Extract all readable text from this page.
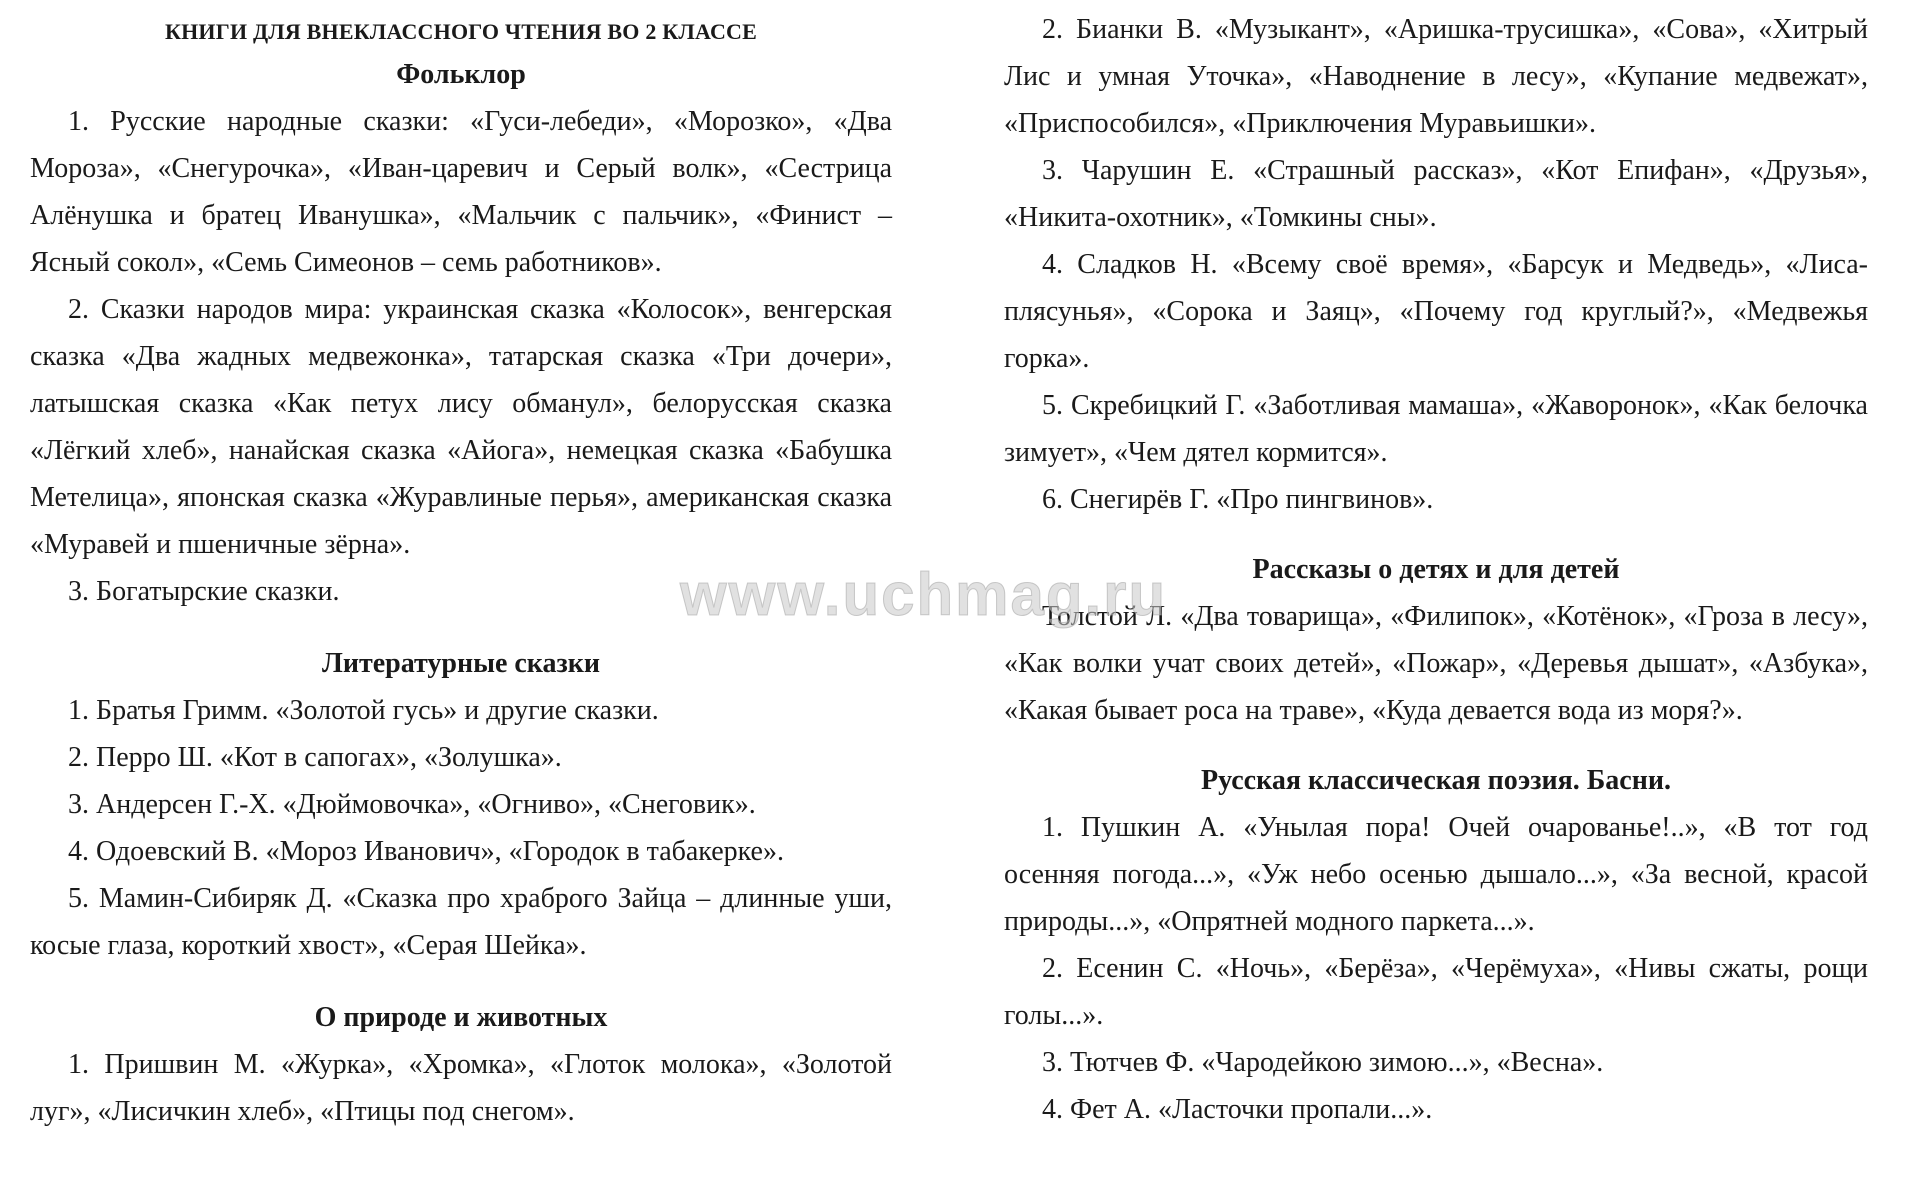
КНИГИ ДЛЯ ВНЕКЛАССНОГО ЧТЕНИЯ ВО 2 КЛАССЕ
Фольклор

1. Русские народные сказки: «Гуси-лебеди», «Морозко», «Два Мороза», «Снегурочка», «Иван-царевич и Серый волк», «Сестрица Алёнушка и братец Иванушка», «Мальчик с пальчик», «Финист – Ясный сокол», «Семь Симеонов – семь работников».

2. Сказки народов мира: украинская сказка «Колосок», венгерская сказка «Два жадных медвежонка», татарская сказка «Три дочери», латышская сказка «Как петух лису обманул», белорусская сказка «Лёгкий хлеб», нанайская сказка «Айога», немецкая сказка «Бабушка Метелица», японская сказка «Журавлиные перья», американская сказка «Муравей и пшеничные зёрна».

3. Богатырские сказки.

Литературные сказки

1. Братья Гримм. «Золотой гусь» и другие сказки.

2. Перро Ш. «Кот в сапогах», «Золушка».

3. Андерсен Г.-Х. «Дюймовочка», «Огниво», «Снеговик».

4. Одоевский В. «Мороз Иванович», «Городок в табакерке».

5. Мамин-Сибиряк Д. «Сказка про храброго Зайца – длинные уши, косые глаза, короткий хвост», «Серая Шейка».

О природе и животных

1. Пришвин М. «Журка», «Хромка», «Глоток молока», «Золотой луг», «Лисичкин хлеб», «Птицы под снегом».

2. Бианки В. «Музыкант», «Аришка-трусишка», «Сова», «Хитрый Лис и умная Уточка», «Наводнение в лесу», «Купание медвежат», «Приспособился», «Приключения Муравьишки».

3. Чарушин Е. «Страшный рассказ», «Кот Епифан», «Друзья», «Никита-охотник», «Томкины сны».

4. Сладков Н. «Всему своё время», «Барсук и Медведь», «Лиса-плясунья», «Сорока и Заяц», «Почему год круглый?», «Медвежья горка».

5. Скребицкий Г. «Заботливая мамаша», «Жаворонок», «Как белочка зимует», «Чем дятел кормится».

6. Снегирёв Г. «Про пингвинов».

Рассказы о детях и для детей

Толстой Л. «Два товарища», «Филипок», «Котёнок», «Гроза в лесу», «Как волки учат своих детей», «Пожар», «Деревья дышат», «Азбука», «Какая бывает роса на траве», «Куда девается вода из моря?».

Русская классическая поэзия. Басни.

1. Пушкин А. «Унылая пора! Очей очарованье!..», «В тот год осенняя погода...», «Уж небо осенью дышало...», «За весной, красой природы...», «Опрятней модного паркета...».

2. Есенин С. «Ночь», «Берёза», «Черёмуха», «Нивы сжаты, рощи голы...».

3. Тютчев Ф. «Чародейкою зимою...», «Весна».

4. Фет А. «Ласточки пропали...».

www.uchmag.ru
